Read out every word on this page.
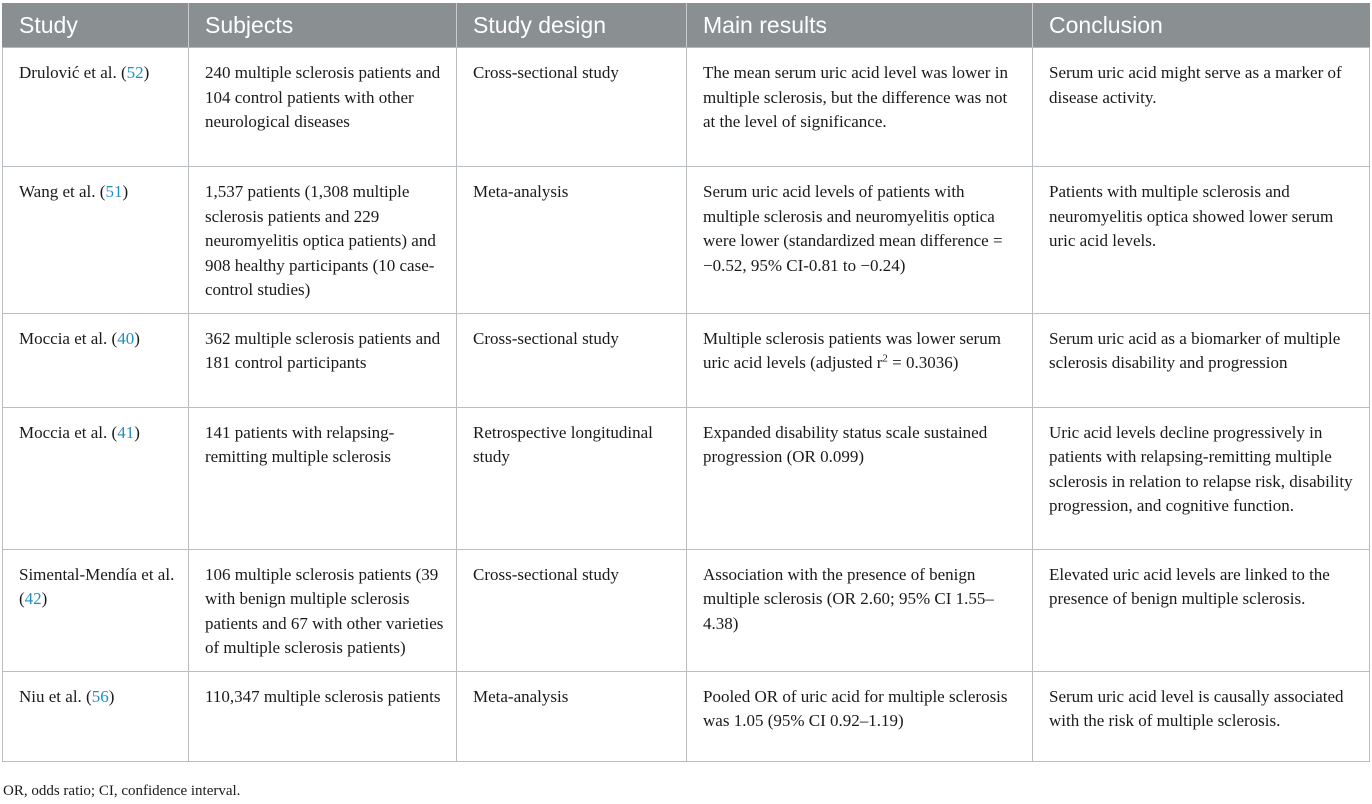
Study	Subjects	Study design	Main results	Conclusion
Drulović et al. (52)	240 multiple sclerosis patients and 104 control patients with other neurological diseases	Cross-sectional study	The mean serum uric acid level was lower in multiple sclerosis, but the difference was not at the level of significance.	Serum uric acid might serve as a marker of disease activity.
Wang et al. (51)	1,537 patients (1,308 multiple sclerosis patients and 229 neuromyelitis optica patients) and 908 healthy participants (10 case-control studies)	Meta-analysis	Serum uric acid levels of patients with multiple sclerosis and neuromyelitis optica were lower (standardized mean difference = −0.52, 95% CI-0.81 to −0.24)	Patients with multiple sclerosis and neuromyelitis optica showed lower serum uric acid levels.
Moccia et al. (40)	362 multiple sclerosis patients and 181 control participants	Cross-sectional study	Multiple sclerosis patients was lower serum uric acid levels (adjusted $r^2 = 0.3036$)	Serum uric acid as a biomarker of multiple sclerosis disability and progression
Moccia et al. (41)	141 patients with relapsing-remitting multiple sclerosis	Retrospective longitudinal study	Expanded disability status scale sustained progression (OR 0.099)	Uric acid levels decline progressively in patients with relapsing-remitting multiple sclerosis in relation to relapse risk, disability progression, and cognitive function.
Simental-Mendía et al. (42)	106 multiple sclerosis patients (39 with benign multiple sclerosis patients and 67 with other varieties of multiple sclerosis patients)	Cross-sectional study	Association with the presence of benign multiple sclerosis (OR 2.60; 95% CI 1.55–4.38)	Elevated uric acid levels are linked to the presence of benign multiple sclerosis.
Niu et al. (56)	110,347 multiple sclerosis patients	Meta-analysis	Pooled OR of uric acid for multiple sclerosis was 1.05 (95% CI 0.92–1.19)	Serum uric acid level is causally associated with the risk of multiple sclerosis.
OR, odds ratio; CI, confidence interval.
